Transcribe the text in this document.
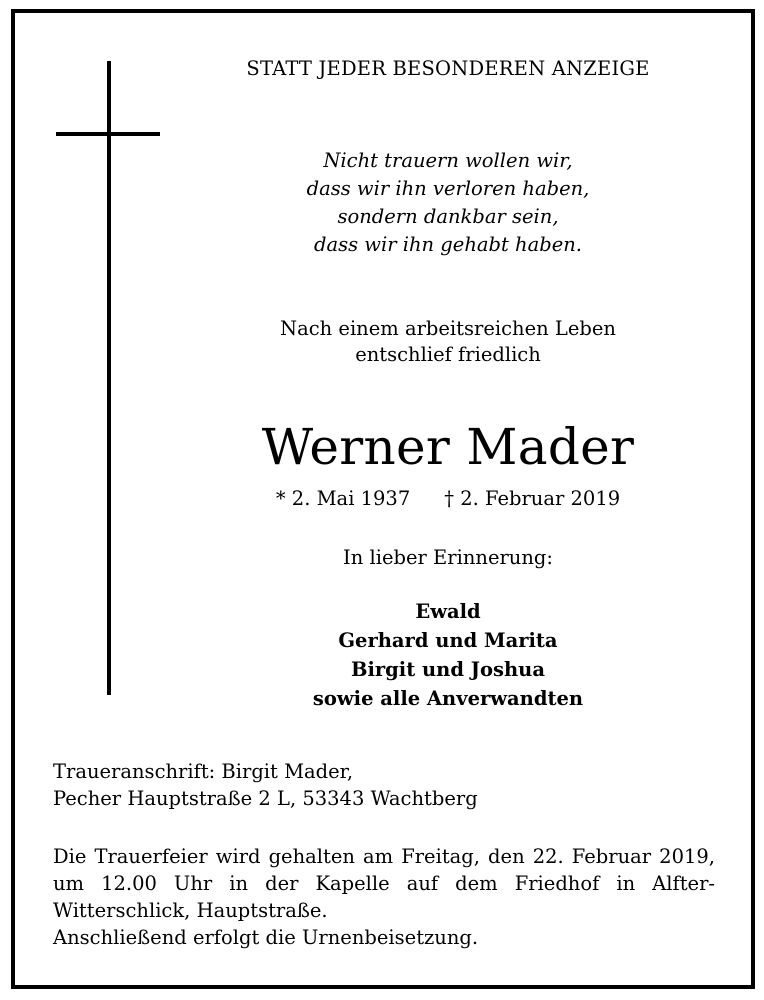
STATT JEDER BESONDEREN ANZEIGE
Nicht trauern wollen wir,
dass wir ihn verloren haben,
sondern dankbar sein,
dass wir ihn gehabt haben.
Nach einem arbeitsreichen Leben
entschlief friedlich
Werner Mader
* 2. Mai 1937 † 2. Februar 2019
In lieber Erinnerung:
Ewald
Gerhard und Marita
Birgit und Joshua
sowie alle Anverwandten
Traueranschrift: Birgit Mader,
Pecher Hauptstraße 2 L, 53343 Wachtberg
Die Trauerfeier wird gehalten am Freitag, den 22. Februar 2019,
um 12.00 Uhr in der Kapelle auf dem Friedhof in Alfter-
Witterschlick, Hauptstraße.
Anschließend erfolgt die Urnenbeisetzung.
